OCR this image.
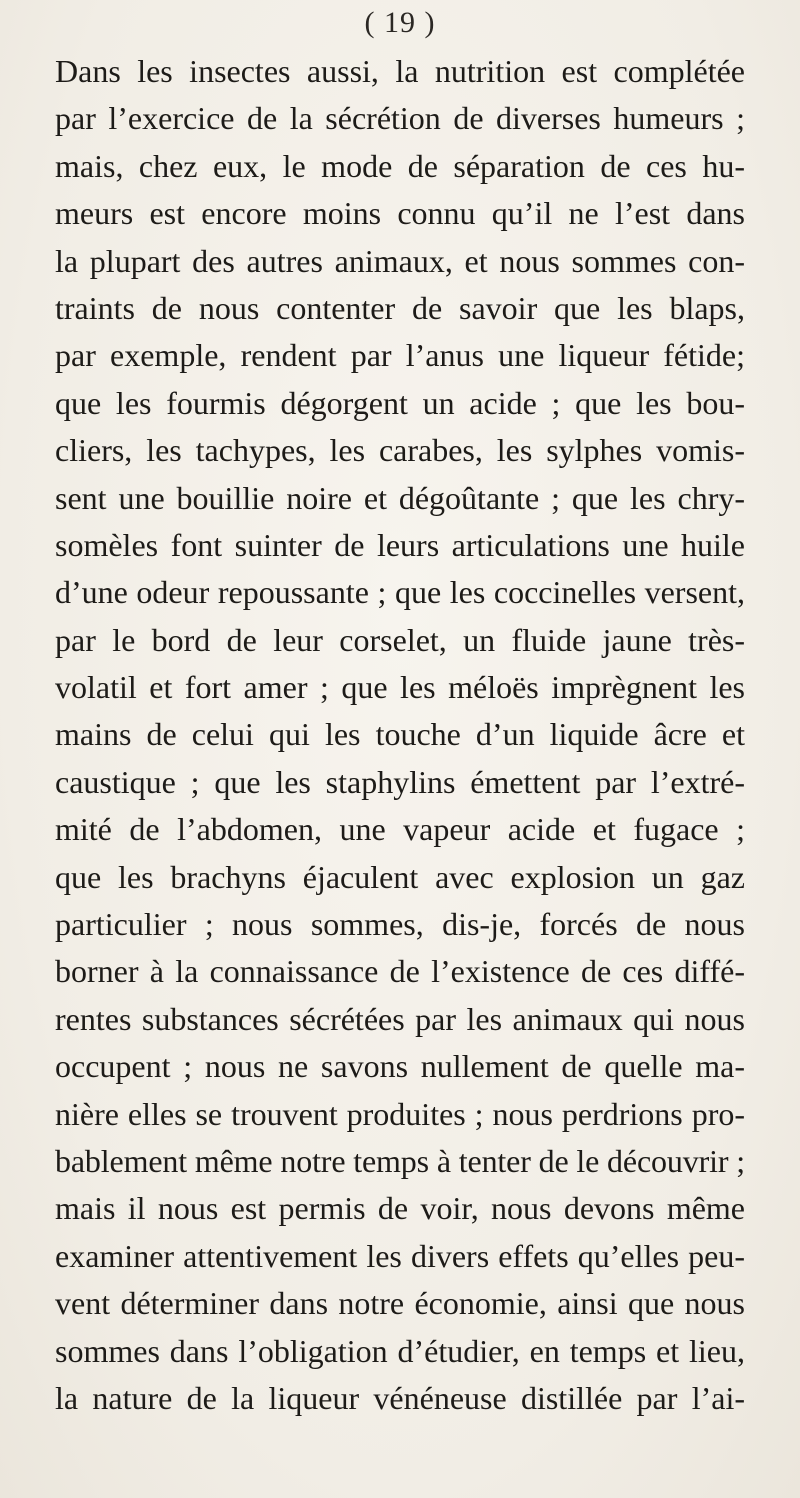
( 19 )
Dans les insectes aussi, la nutrition est complétée
par l’exercice de la sécrétion de diverses humeurs ;
mais, chez eux, le mode de séparation de ces hu-
meurs est encore moins connu qu’il ne l’est dans
la plupart des autres animaux, et nous sommes con-
traints de nous contenter de savoir que les blaps,
par exemple, rendent par l’anus une liqueur fétide;
que les fourmis dégorgent un acide ; que les bou-
cliers, les tachypes, les carabes, les sylphes vomis-
sent une bouillie noire et dégoûtante ; que les chry-
somèles font suinter de leurs articulations une huile
d’une odeur repoussante ; que les coccinelles versent,
par le bord de leur corselet, un fluide jaune très-
volatil et fort amer ; que les méloës imprègnent les
mains de celui qui les touche d’un liquide âcre et
caustique ; que les staphylins émettent par l’extré-
mité de l’abdomen, une vapeur acide et fugace ;
que les brachyns éjaculent avec explosion un gaz
particulier ; nous sommes, dis-je, forcés de nous
borner à la connaissance de l’existence de ces diffé-
rentes substances sécrétées par les animaux qui nous
occupent ; nous ne savons nullement de quelle ma-
nière elles se trouvent produites ; nous perdrions pro-
bablement même notre temps à tenter de le découvrir ;
mais il nous est permis de voir, nous devons même
examiner attentivement les divers effets qu’elles peu-
vent déterminer dans notre économie, ainsi que nous
sommes dans l’obligation d’étudier, en temps et lieu,
la nature de la liqueur vénéneuse distillée par l’ai-
